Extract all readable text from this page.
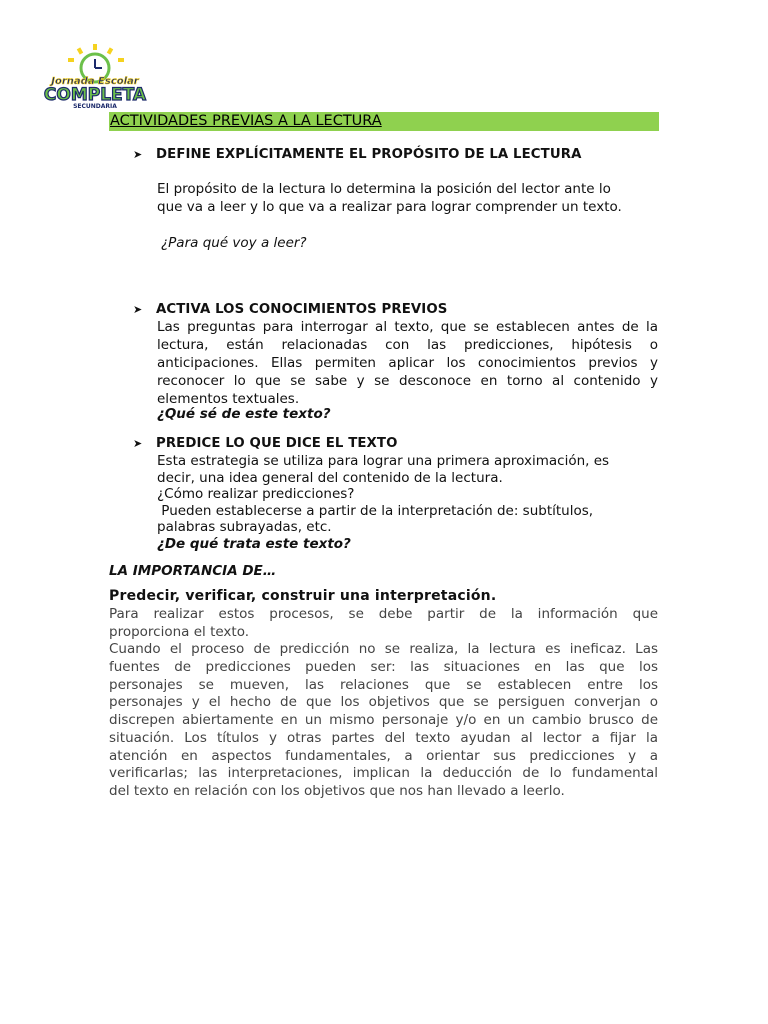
Jornada Escolar
COMPLETA
SECUNDARIA
ACTIVIDADES PREVIAS A LA LECTURA
➤ DEFINE EXPLÍCITAMENTE EL PROPÓSITO DE LA LECTURA
El propósito de la lectura lo determina la posición del lector ante lo
que va a leer y lo que va a realizar para lograr comprender un texto.
¿Para qué voy a leer?
➤ ACTIVA LOS CONOCIMIENTOS PREVIOS
Las preguntas para interrogar al texto, que se establecen antes de la
lectura, están relacionadas con las predicciones, hipótesis o
anticipaciones. Ellas permiten aplicar los conocimientos previos y
reconocer lo que se sabe y se desconoce en torno al contenido y
elementos textuales.
¿Qué sé de este texto?
➤ PREDICE LO QUE DICE EL TEXTO
Esta estrategia se utiliza para lograr una primera aproximación, es
decir, una idea general del contenido de la lectura.
¿Cómo realizar predicciones?
Pueden establecerse a partir de la interpretación de: subtítulos,
palabras subrayadas, etc.
¿De qué trata este texto?
LA IMPORTANCIA DE…
Predecir, verificar, construir una interpretación.
Para realizar estos procesos, se debe partir de la información que
proporciona el texto.
Cuando el proceso de predicción no se realiza, la lectura es ineficaz. Las
fuentes de predicciones pueden ser: las situaciones en las que los
personajes se mueven, las relaciones que se establecen entre los
personajes y el hecho de que los objetivos que se persiguen converjan o
discrepen abiertamente en un mismo personaje y/o en un cambio brusco de
situación. Los títulos y otras partes del texto ayudan al lector a fijar la
atención en aspectos fundamentales, a orientar sus predicciones y a
verificarlas; las interpretaciones, implican la deducción de lo fundamental
del texto en relación con los objetivos que nos han llevado a leerlo.
